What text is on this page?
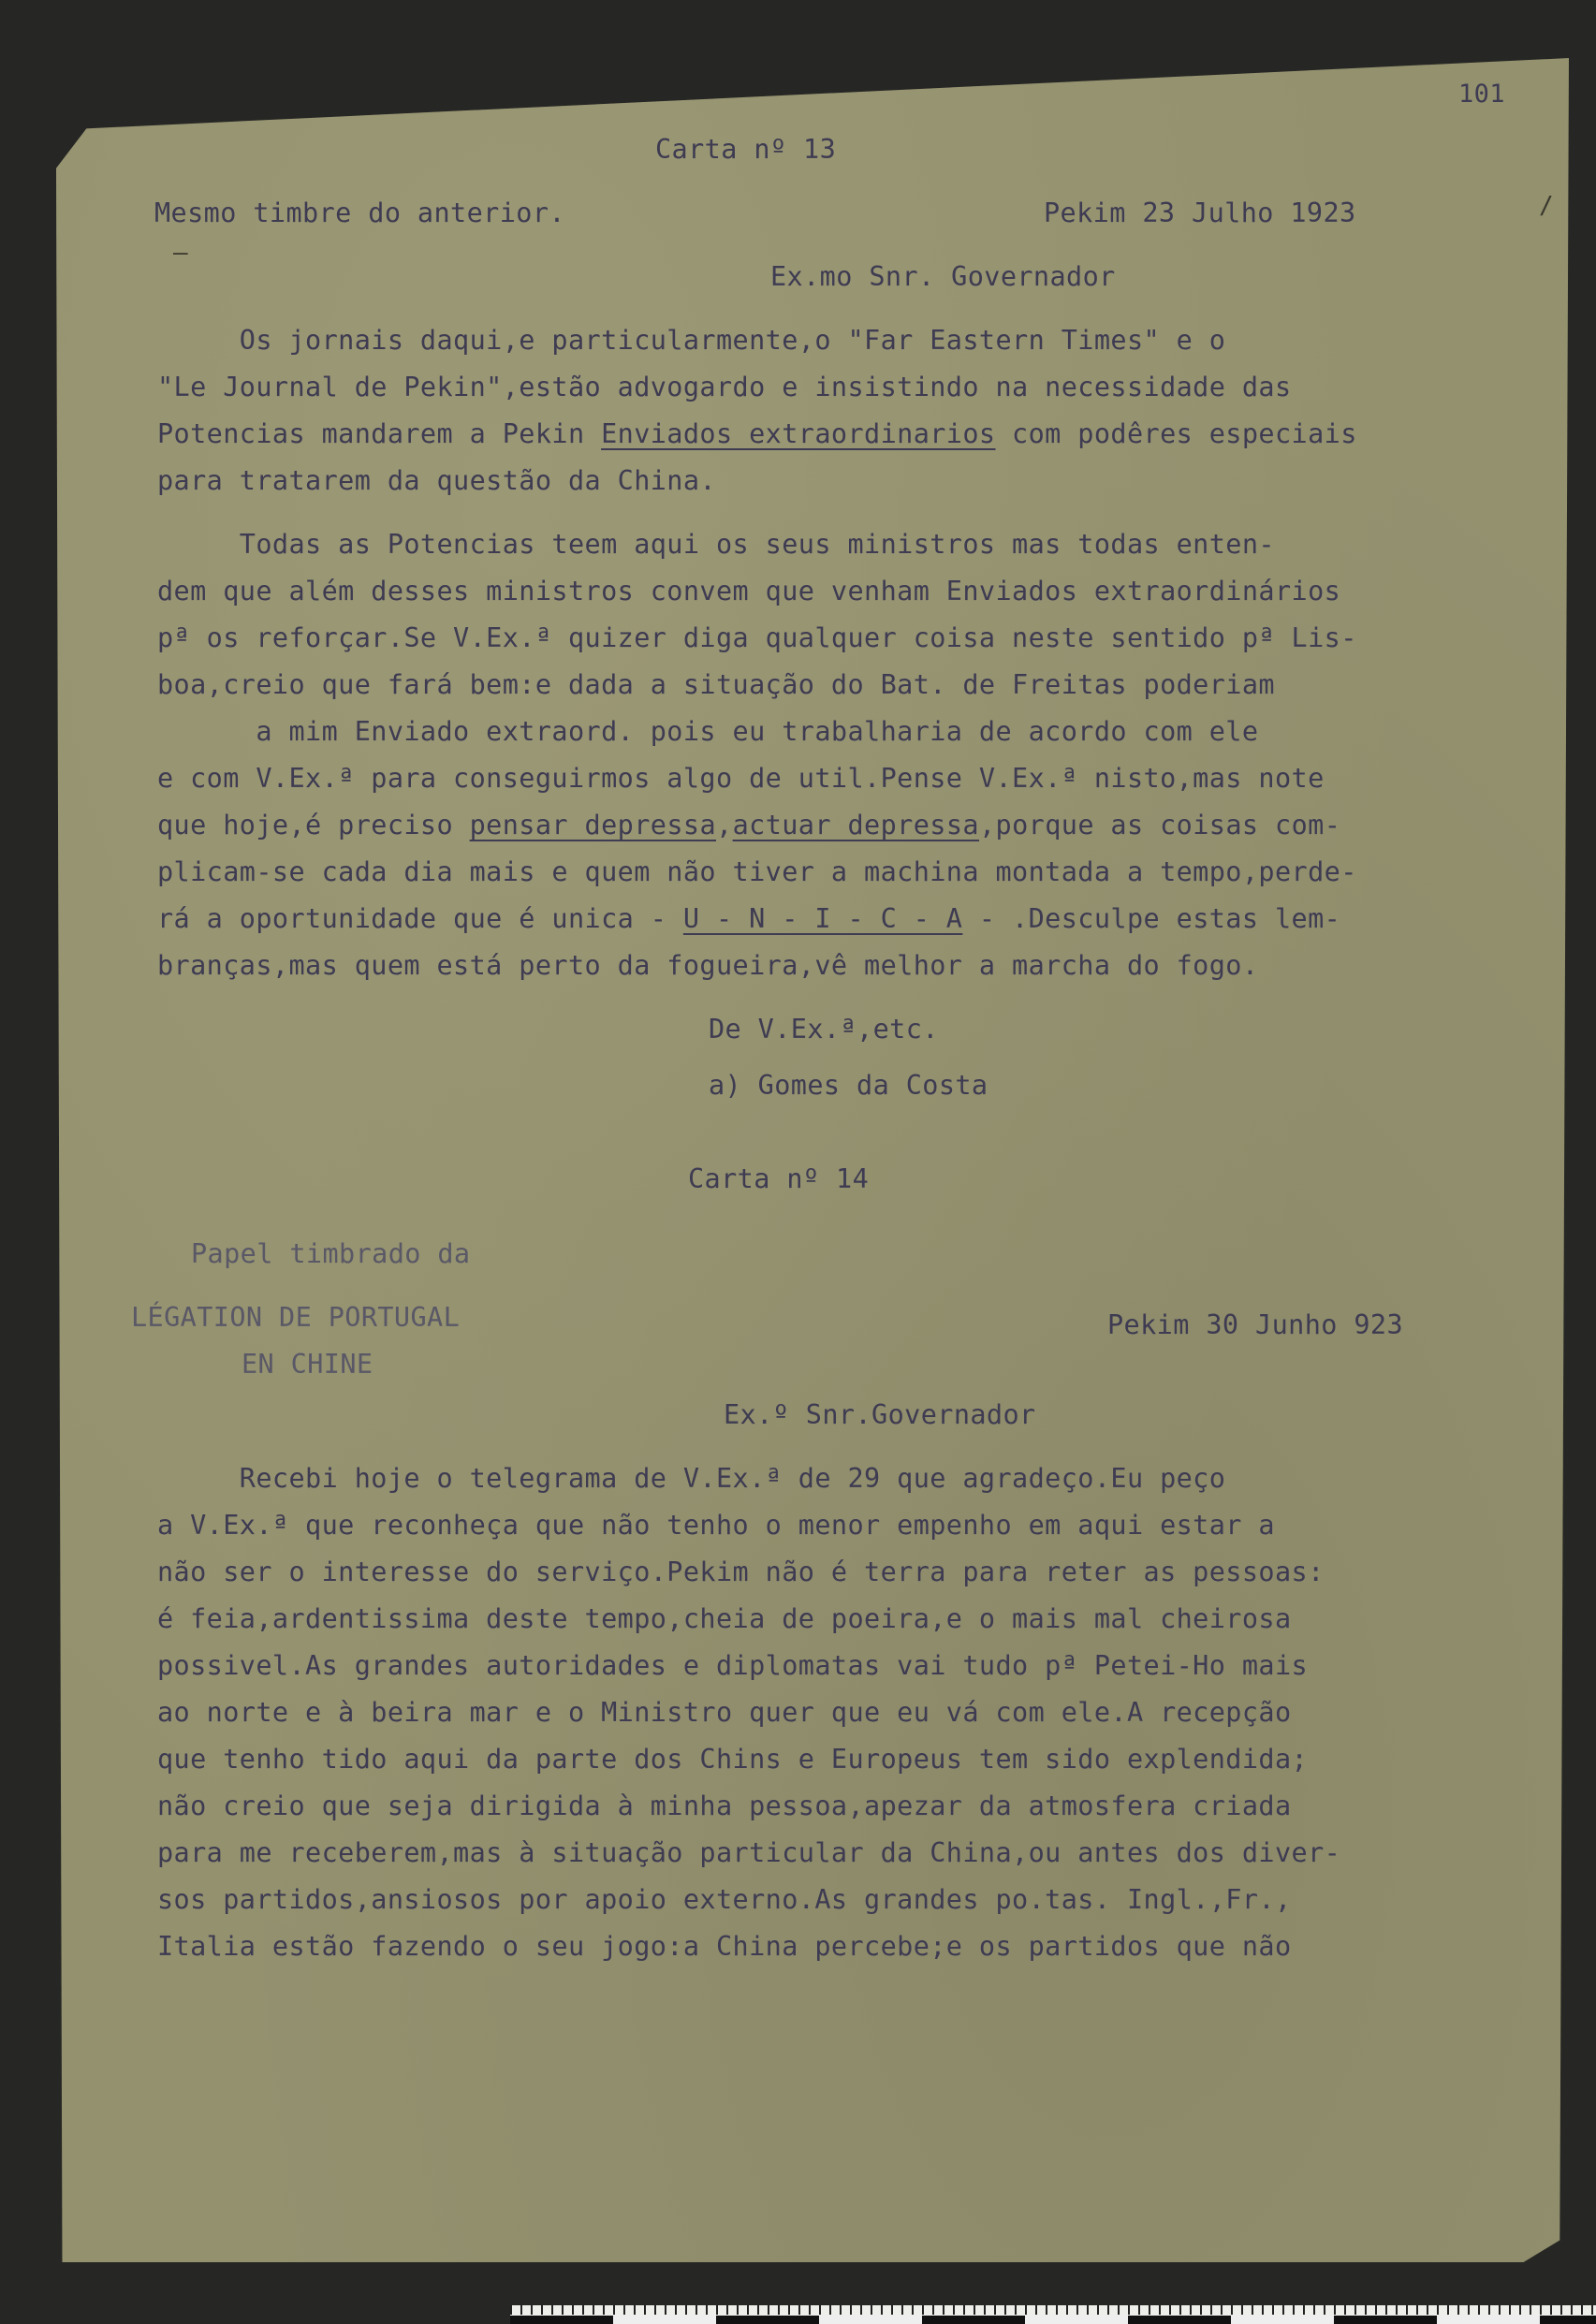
101
/
—
Carta nº 13
Mesmo timbre do anterior.	Pekim 23 Julho 1923
Ex.mo Snr. Governador
Os jornais daqui,e particularmente,o "Far Eastern Times" e o
"Le Journal de Pekin",estão advogardo e insistindo na necessidade das
Potencias mandarem a Pekin Enviados extraordinarios com podêres especiais
para tratarem da questão da China.
Todas as Potencias teem aqui os seus ministros mas todas enten-
dem que além desses ministros convem que venham Enviados extraordinários
pª os reforçar.Se V.Ex.ª quizer diga qualquer coisa neste sentido pª Lis-
boa,creio que fará bem:e dada a situação do Bat. de Freitas poderiam
a mim Enviado extraord. pois eu trabalharia de acordo com ele
e com V.Ex.ª para conseguirmos algo de util.Pense V.Ex.ª nisto,mas note
que hoje,é preciso pensar depressa,actuar depressa,porque as coisas com-
plicam-se cada dia mais e quem não tiver a machina montada a tempo,perde-
rá a oportunidade que é unica - U - N - I - C - A - .Desculpe estas lem-
branças,mas quem está perto da fogueira,vê melhor a marcha do fogo.
De V.Ex.ª,etc.
a) Gomes da Costa
Carta nº 14
Papel timbrado da
LÉGATION DE PORTUGAL
EN CHINE
Pekim 30 Junho 923
Ex.º Snr.Governador
Recebi hoje o telegrama de V.Ex.ª de 29 que agradeço.Eu peço
a V.Ex.ª que reconheça que não tenho o menor empenho em aqui estar a
não ser o interesse do serviço.Pekim não é terra para reter as pessoas:
é feia,ardentissima deste tempo,cheia de poeira,e o mais mal cheirosa
possivel.As grandes autoridades e diplomatas vai tudo pª Petei-Ho mais
ao norte e à beira mar e o Ministro quer que eu vá com ele.A recepção
que tenho tido aqui da parte dos Chins e Europeus tem sido explendida;
não creio que seja dirigida à minha pessoa,apezar da atmosfera criada
para me receberem,mas à situação particular da China,ou antes dos diver-
sos partidos,ansiosos por apoio externo.As grandes po.tas. Ingl.,Fr.,
Italia estão fazendo o seu jogo:a China percebe;e os partidos que não
